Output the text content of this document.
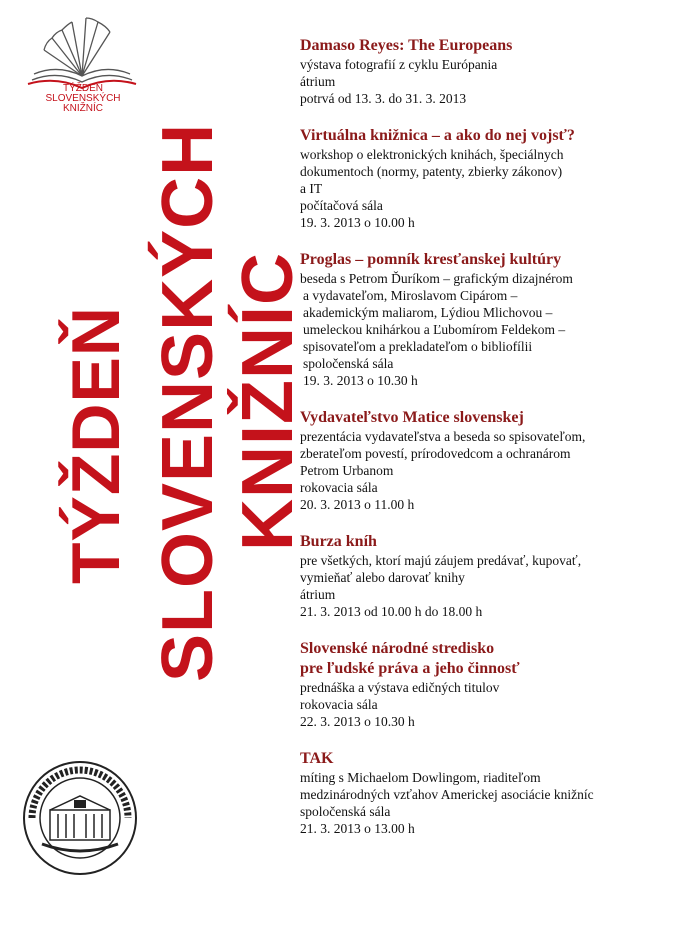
TÝŽDEŇ SLOVENSKÝCH
KNIŽNÍC
TÝŽDEŇ SLOVENSKÝCH KNIŽNÍC

Damaso Reyes: The Europeans

výstava fotografií z cyklu Európania

átrium

potrvá od 13. 3. do 31. 3. 2013

Virtuálna knižnica – a ako do nej vojsť?

workshop o elektronických knihách, špeciálnych

dokumentoch (normy, patenty, zbierky zákonov)

a IT

počítačová sála

19. 3. 2013 o 10.00 h

Proglas – pomník kresťanskej kultúry

beseda s Petrom Ďuríkom – grafickým dizajnérom

a vydavateľom, Miroslavom Cipárom –

akademickým maliarom, Lýdiou Mlichovou –

umeleckou knihárkou a Ľubomírom Feldekom –

spisovateľom a prekladateľom o bibliofílii

spoločenská sála

19. 3. 2013 o 10.30 h

Vydavateľstvo Matice slovenskej

prezentácia vydavateľstva a beseda so spisovateľom,

zberateľom povestí, prírodovedcom a ochranárom

Petrom Urbanom

rokovacia sála

20. 3. 2013 o 11.00 h

Burza kníh

pre všetkých, ktorí majú záujem predávať, kupovať,

vymieňať alebo darovať knihy

átrium

21. 3. 2013 od 10.00 h do 18.00 h

Slovenské národné stredisko

pre ľudské práva a jeho činnosť

prednáška a výstava edičných titulov

rokovacia sála

22. 3. 2013 o 10.30 h

TAK

míting s Michaelom Dowlingom, riaditeľom

medzinárodných vzťahov Americkej asociácie knižníc

spoločenská sála

21. 3. 2013 o 13.00 h
